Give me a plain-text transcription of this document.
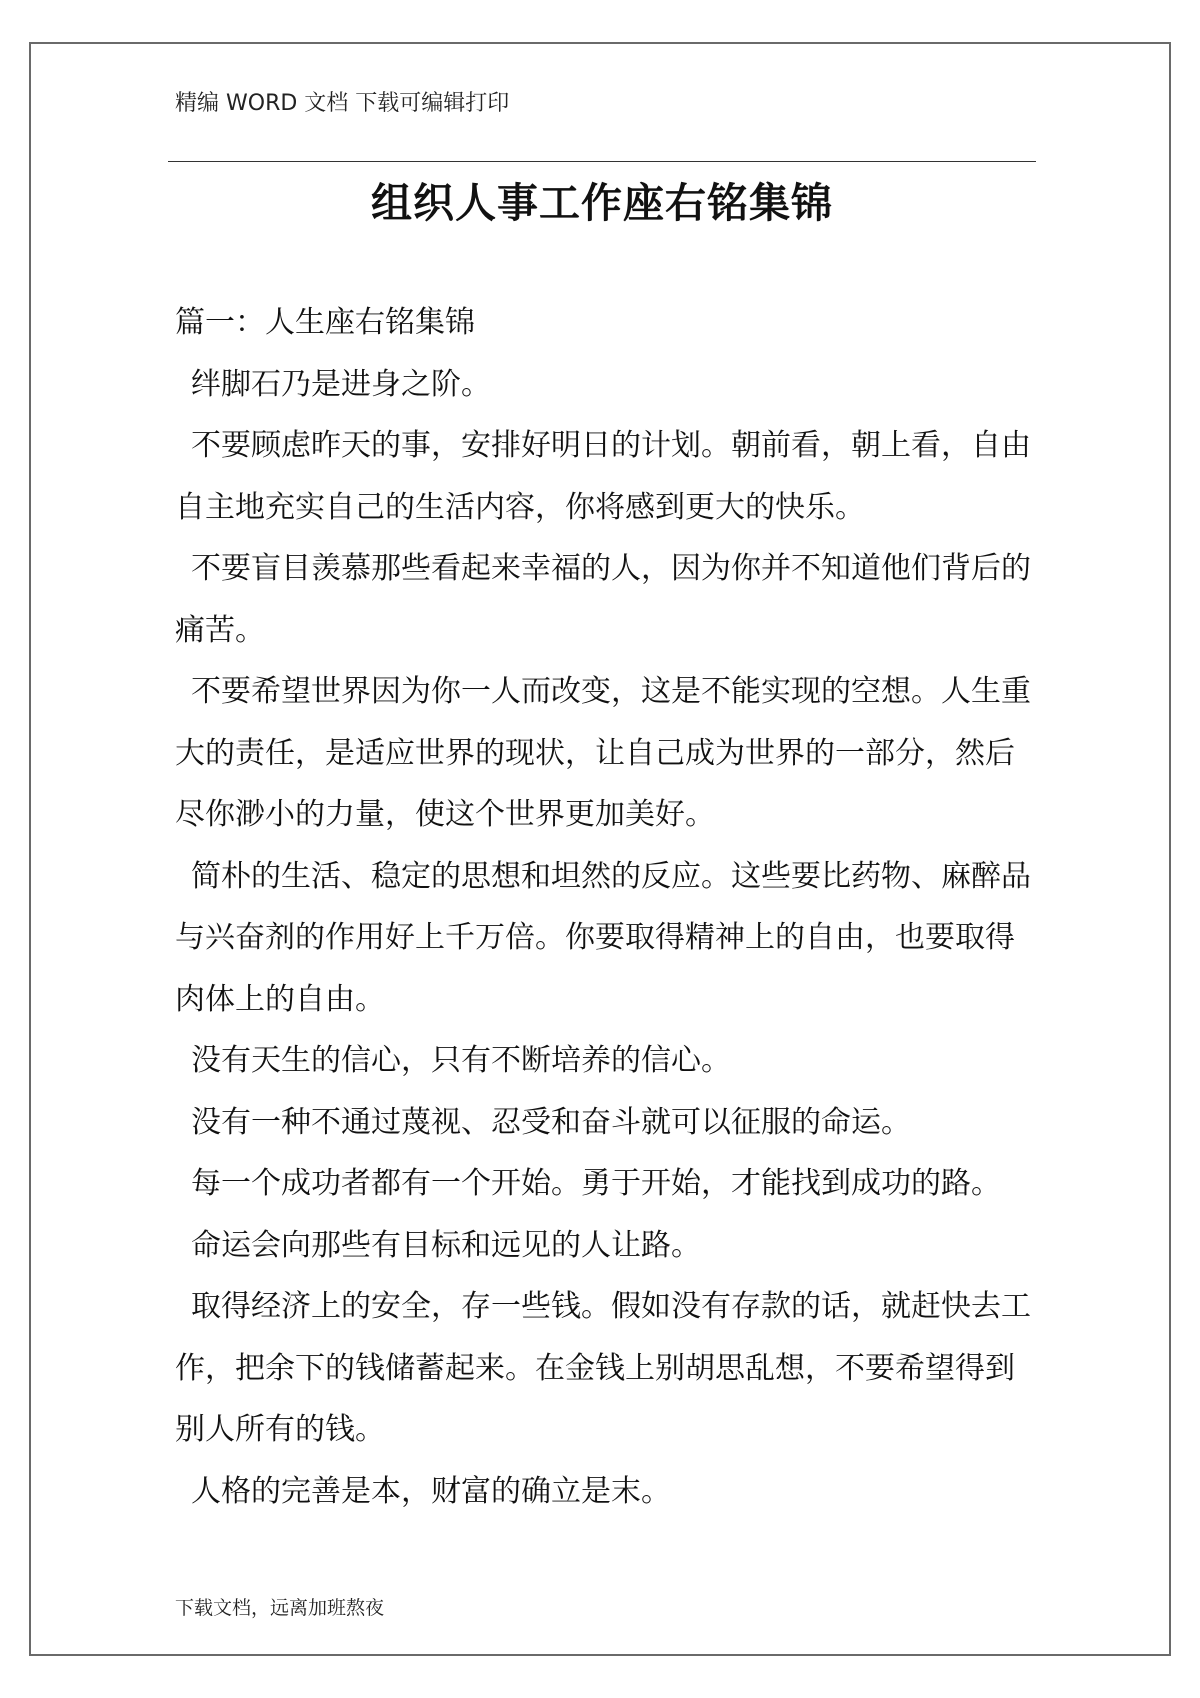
精编 WORD 文档 下载可编辑打印
组织人事工作座右铭集锦

篇一：人生座右铭集锦

绊脚石乃是进身之阶。

不要顾虑昨天的事，安排好明日的计划。朝前看，朝上看，自由自主地充实自己的生活内容，你将感到更大的快乐。

不要盲目羡慕那些看起来幸福的人，因为你并不知道他们背后的痛苦。

不要希望世界因为你一人而改变，这是不能实现的空想。人生重大的责任，是适应世界的现状，让自己成为世界的一部分，然后尽你渺小的力量，使这个世界更加美好。

简朴的生活、稳定的思想和坦然的反应。这些要比药物、麻醉品与兴奋剂的作用好上千万倍。你要取得精神上的自由，也要取得肉体上的自由。

没有天生的信心，只有不断培养的信心。

没有一种不通过蔑视、忍受和奋斗就可以征服的命运。

每一个成功者都有一个开始。勇于开始，才能找到成功的路。

命运会向那些有目标和远见的人让路。

取得经济上的安全，存一些钱。假如没有存款的话，就赶快去工作，把余下的钱储蓄起来。在金钱上别胡思乱想，不要希望得到别人所有的钱。

人格的完善是本，财富的确立是末。

下载文档，远离加班熬夜
